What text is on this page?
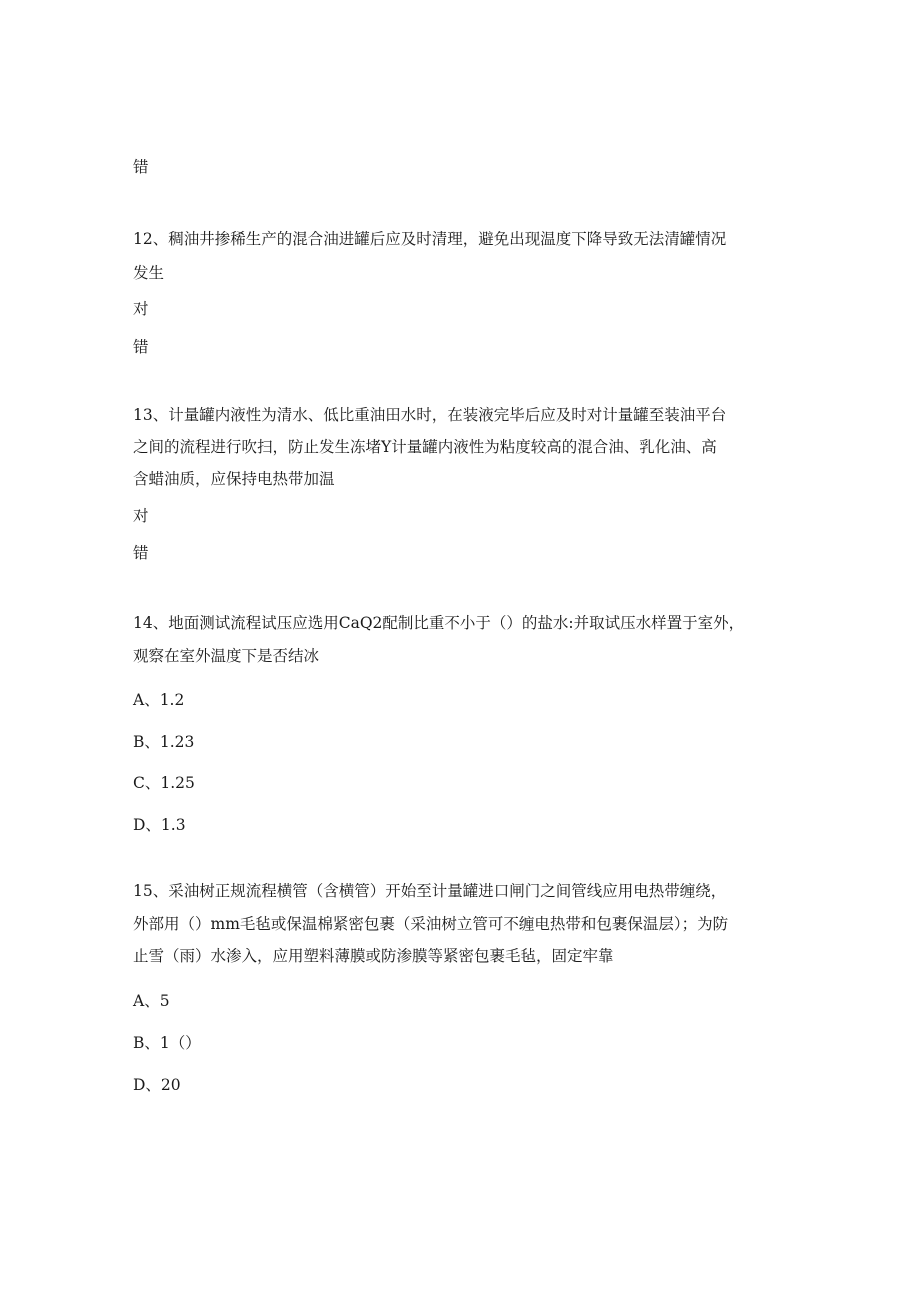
错
12、稠油井掺稀生产的混合油进罐后应及时清理，避免出现温度下降导致无法清罐情况
发生
对
错
13、计量罐内液性为清水、低比重油田水时，在装液完毕后应及时对计量罐至装油平台
之间的流程进行吹扫，防止发生冻堵Y计量罐内液性为粘度较高的混合油、乳化油、高
含蜡油质，应保持电热带加温
对
错
14、地面测试流程试压应选用CaQ2配制比重不小于（）的盐水:并取试压水样置于室外，
观察在室外温度下是否结冰
A、1.2
B、1.23
C、1.25
D、1.3
15、采油树正规流程横管（含横管）开始至计量罐进口闸门之间管线应用电热带缠绕，
外部用（）mm毛毡或保温棉紧密包裹（采油树立管可不缠电热带和包裹保温层）；为防
止雪（雨）水渗入，应用塑料薄膜或防渗膜等紧密包裹毛毡，固定牢靠
A、5
B、1（）
D、20
